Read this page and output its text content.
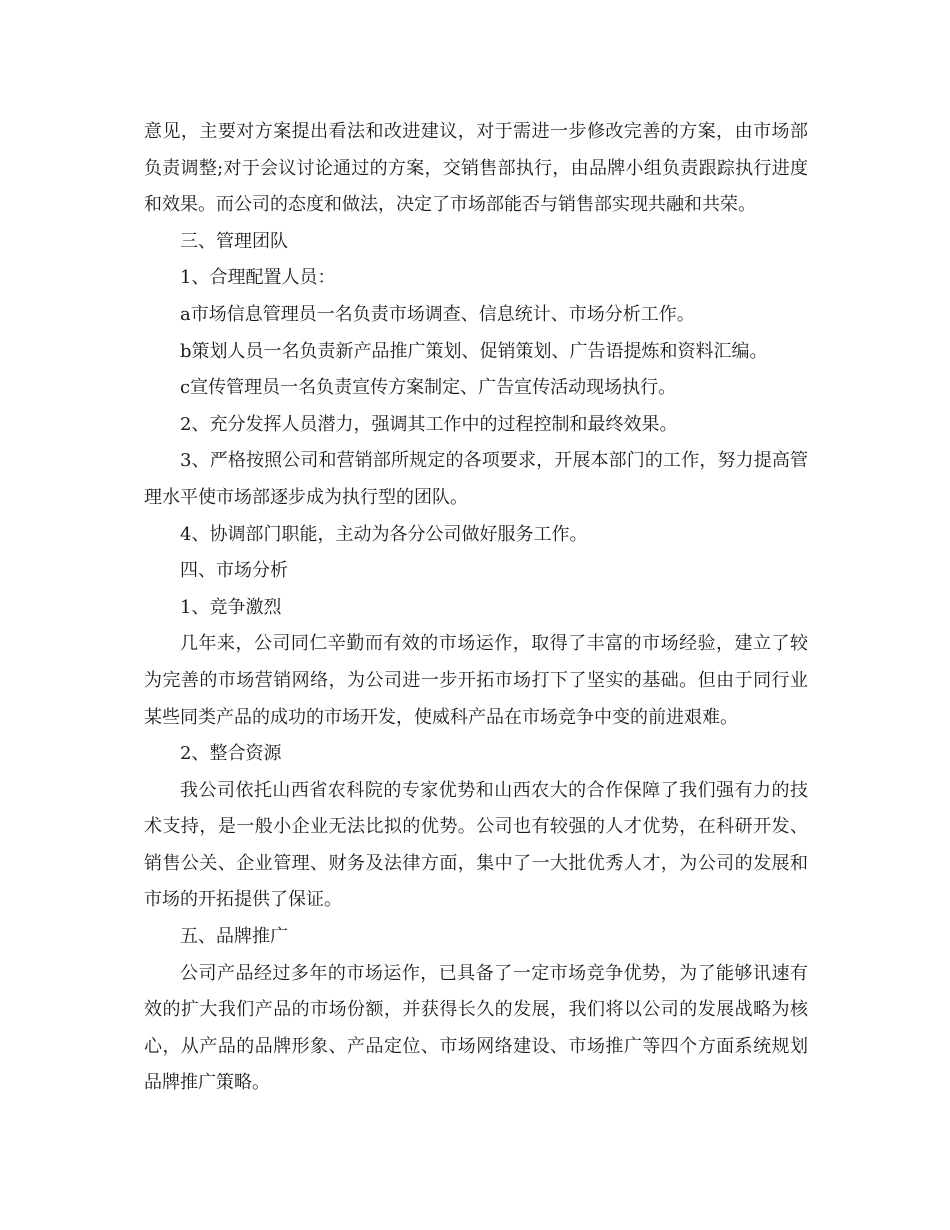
意见，主要对方案提出看法和改进建议，对于需进一步修改完善的方案，由市场部负责调整;对于会议讨论通过的方案，交销售部执行，由品牌小组负责跟踪执行进度和效果。而公司的态度和做法，决定了市场部能否与销售部实现共融和共荣。

三、管理团队

1、合理配置人员：

a市场信息管理员一名负责市场调查、信息统计、市场分析工作。

b策划人员一名负责新产品推广策划、促销策划、广告语提炼和资料汇编。

c宣传管理员一名负责宣传方案制定、广告宣传活动现场执行。

2、充分发挥人员潜力，强调其工作中的过程控制和最终效果。

3、严格按照公司和营销部所规定的各项要求，开展本部门的工作，努力提高管理水平使市场部逐步成为执行型的团队。

4、协调部门职能，主动为各分公司做好服务工作。

四、市场分析

1、竞争激烈

几年来，公司同仁辛勤而有效的市场运作，取得了丰富的市场经验，建立了较为完善的市场营销网络，为公司进一步开拓市场打下了坚实的基础。但由于同行业某些同类产品的成功的市场开发，使威科产品在市场竞争中变的前进艰难。

2、整合资源

我公司依托山西省农科院的专家优势和山西农大的合作保障了我们强有力的技术支持，是一般小企业无法比拟的优势。公司也有较强的人才优势，在科研开发、销售公关、企业管理、财务及法律方面，集中了一大批优秀人才，为公司的发展和市场的开拓提供了保证。

五、品牌推广

公司产品经过多年的市场运作，已具备了一定市场竞争优势，为了能够讯速有效的扩大我们产品的市场份额，并获得长久的发展，我们将以公司的发展战略为核心，从产品的品牌形象、产品定位、市场网络建设、市场推广等四个方面系统规划品牌推广策略。
